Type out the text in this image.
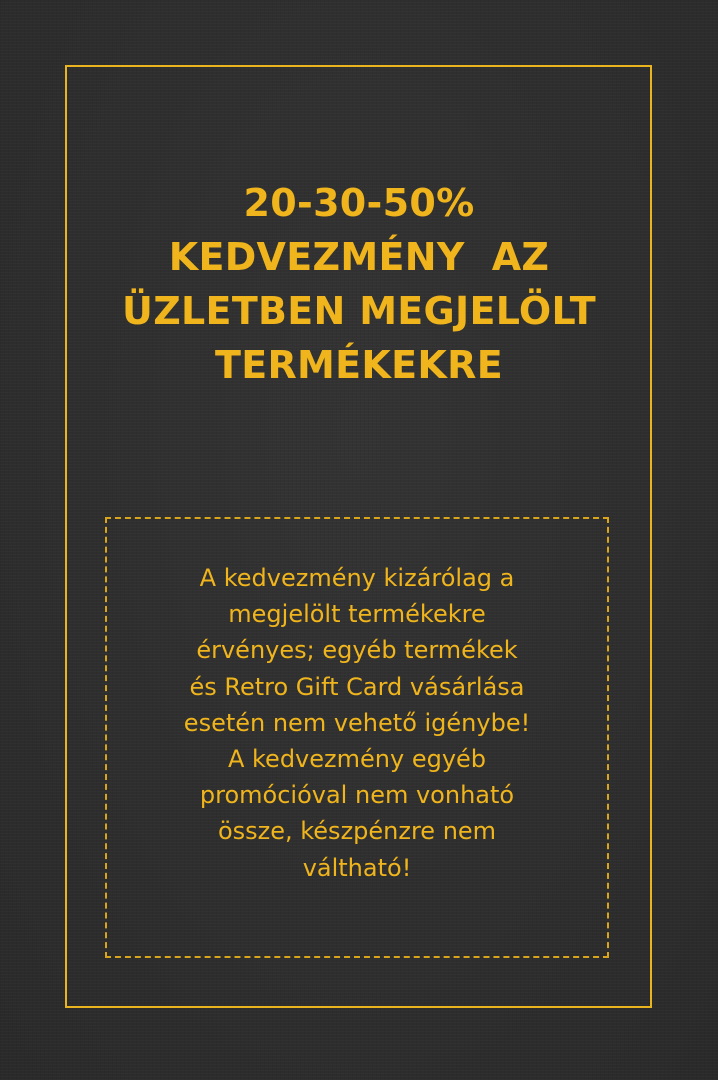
20-30-50%
KEDVEZMÉNY  AZ
ÜZLETBEN MEGJELÖLT
TERMÉKEKRE
A kedvezmény kizárólag a
megjelölt termékekre
érvényes; egyéb termékek
és Retro Gift Card vásárlása
esetén nem vehető igénybe!
A kedvezmény egyéb
promócióval nem vonható
össze, készpénzre nem
váltható!
